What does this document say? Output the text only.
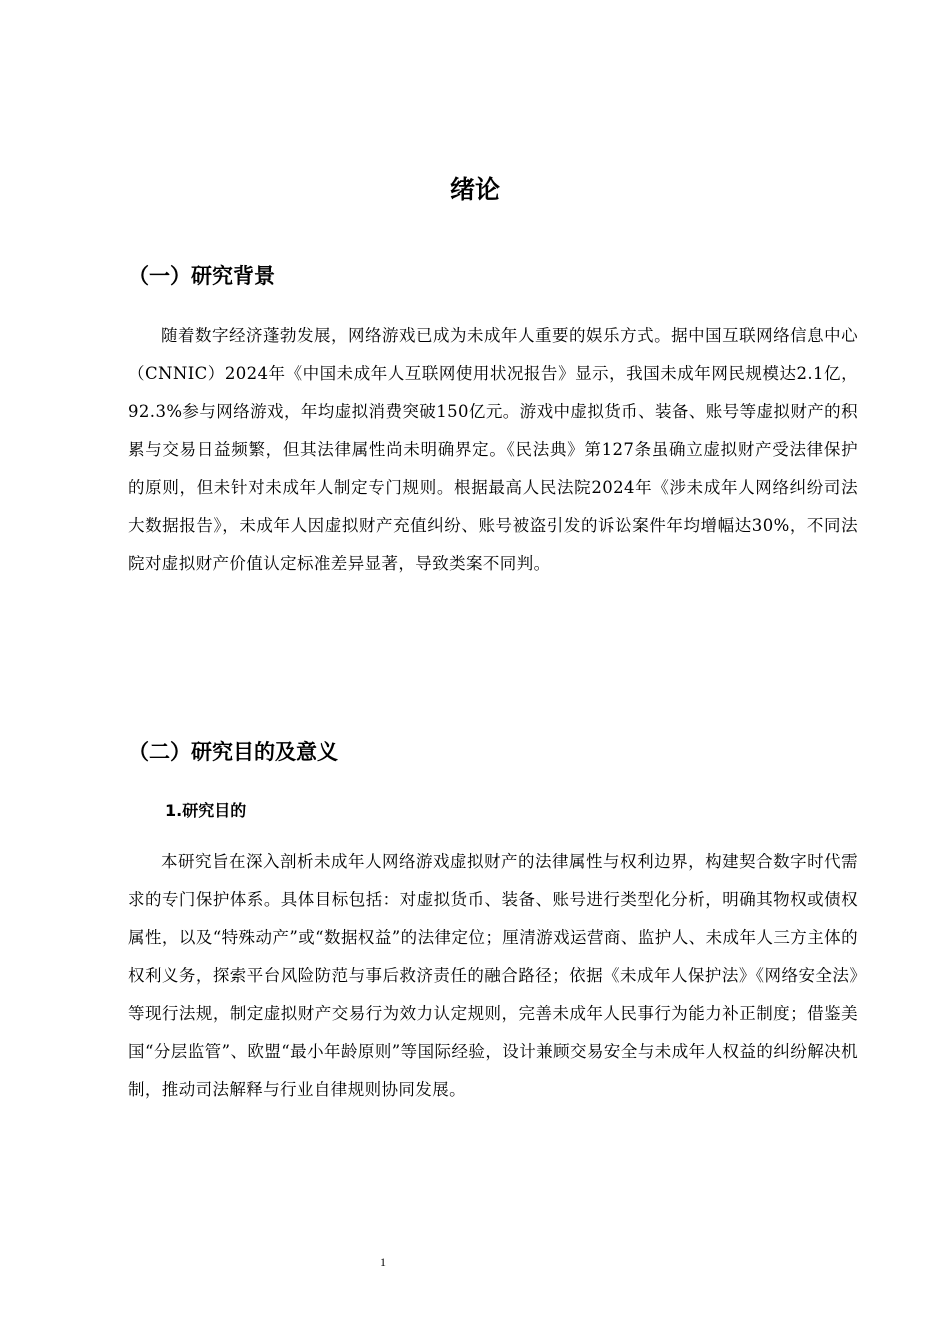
绪论
（一）研究背景

随着数字经济蓬勃发展，网络游戏已成为未成年人重要的娱乐方式。据中国互联网络信息中心（CNNIC）2024年《中国未成年人互联网使用状况报告》显示，我国未成年网民规模达2.1亿，92.3%参与网络游戏，年均虚拟消费突破150亿元。游戏中虚拟货币、装备、账号等虚拟财产的积累与交易日益频繁，但其法律属性尚未明确界定。《民法典》第127条虽确立虚拟财产受法律保护的原则，但未针对未成年人制定专门规则。根据最高人民法院2024年《涉未成年人网络纠纷司法大数据报告》，未成年人因虚拟财产充值纠纷、账号被盗引发的诉讼案件年均增幅达30%，不同法院对虚拟财产价值认定标准差异显著，导致类案不同判。

（二）研究目的及意义
1.研究目的

本研究旨在深入剖析未成年人网络游戏虚拟财产的法律属性与权利边界，构建契合数字时代需求的专门保护体系。具体目标包括：对虚拟货币、装备、账号进行类型化分析，明确其物权或债权属性，以及“特殊动产”或“数据权益”的法律定位；厘清游戏运营商、监护人、未成年人三方主体的权利义务，探索平台风险防范与事后救济责任的融合路径；依据《未成年人保护法》《网络安全法》等现行法规，制定虚拟财产交易行为效力认定规则，完善未成年人民事行为能力补正制度；借鉴美国“分层监管”、欧盟“最小年龄原则”等国际经验，设计兼顾交易安全与未成年人权益的纠纷解决机制，推动司法解释与行业自律规则协同发展。

1
